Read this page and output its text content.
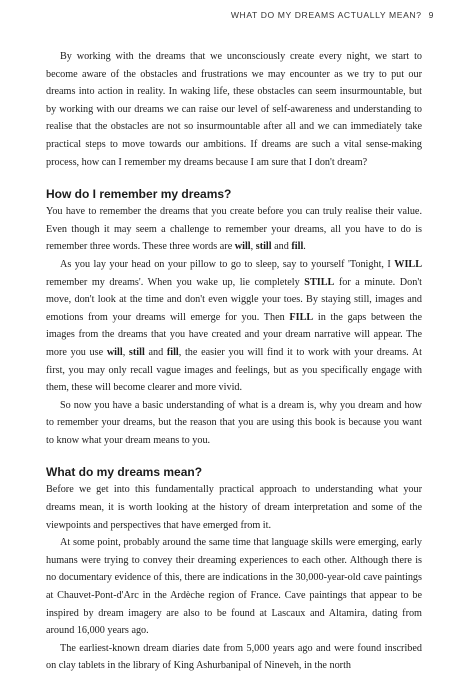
WHAT DO MY DREAMS ACTUALLY MEAN? 9

By working with the dreams that we unconsciously create every night, we start to become aware of the obstacles and frustrations we may encounter as we try to put our dreams into action in reality. In waking life, these obstacles can seem insurmountable, but by working with our dreams we can raise our level of self-awareness and understanding to realise that the obstacles are not so insurmountable after all and we can immediately take practical steps to move towards our ambitions. If dreams are such a vital sense-making process, how can I remember my dreams because I am sure that I don't dream?

How do I remember my dreams?

You have to remember the dreams that you create before you can truly realise their value. Even though it may seem a challenge to remember your dreams, all you have to do is remember three words. These three words are will, still and fill.

As you lay your head on your pillow to go to sleep, say to yourself 'Tonight, I WILL remember my dreams'. When you wake up, lie completely STILL for a minute. Don't move, don't look at the time and don't even wiggle your toes. By staying still, images and emotions from your dreams will emerge for you. Then FILL in the gaps between the images from the dreams that you have created and your dream narrative will appear. The more you use will, still and fill, the easier you will find it to work with your dreams. At first, you may only recall vague images and feelings, but as you specifically engage with them, these will become clearer and more vivid.

So now you have a basic understanding of what is a dream is, why you dream and how to remember your dreams, but the reason that you are using this book is because you want to know what your dream means to you.

What do my dreams mean?

Before we get into this fundamentally practical approach to understanding what your dreams mean, it is worth looking at the history of dream interpretation and some of the viewpoints and perspectives that have emerged from it.

At some point, probably around the same time that language skills were emerging, early humans were trying to convey their dreaming experiences to each other. Although there is no documentary evidence of this, there are indications in the 30,000-year-old cave paintings at Chauvet-Pont-d'Arc in the Ardèche region of France. Cave paintings that appear to be inspired by dream imagery are also to be found at Lascaux and Altamira, dating from around 16,000 years ago.

The earliest-known dream diaries date from 5,000 years ago and were found inscribed on clay tablets in the library of King Ashurbanipal of Nineveh, in the north
